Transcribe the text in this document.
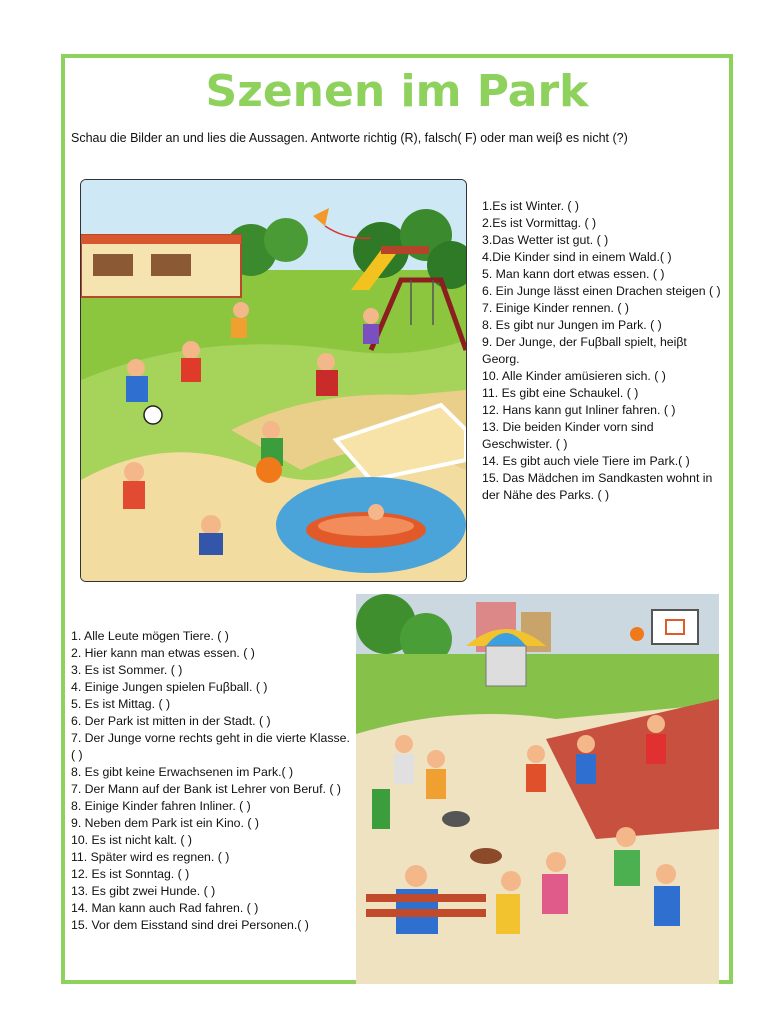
Szenen im Park
Schau die Bilder an und lies die Aussagen. Antworte richtig (R), falsch( F) oder man weiβ es nicht (?)
1.Es ist Winter. ( )
2.Es ist Vormittag. ( )
3.Das Wetter ist gut. ( )
4.Die Kinder sind in einem Wald.( )
5. Man kann dort etwas essen. ( )
6. Ein Junge lässt einen Drachen steigen ( )
7. Einige Kinder rennen. ( )
8. Es gibt nur Jungen im Park. ( )
9. Der Junge, der Fuβball spielt, heiβt Georg.
10. Alle Kinder amüsieren sich. ( )
11. Es gibt eine Schaukel. ( )
12. Hans kann gut Inliner fahren. ( )
13. Die beiden Kinder vorn sind Geschwister. ( )
14. Es gibt auch viele Tiere im Park.( )
15. Das Mädchen im Sandkasten wohnt in der Nähe des Parks. ( )
1. Alle Leute mögen Tiere. ( )
2. Hier kann man etwas essen. ( )
3. Es ist Sommer. ( )
4. Einige Jungen spielen Fuβball. ( )
5. Es ist Mittag. ( )
6. Der Park ist mitten in der Stadt. ( )
7. Der Junge vorne rechts geht in die vierte Klasse. ( )
8. Es gibt keine Erwachsenen im Park.( )
7. Der Mann auf der Bank ist Lehrer von Beruf. ( )
8. Einige Kinder fahren Inliner. ( )
9. Neben dem Park ist ein Kino. ( )
10. Es ist nicht kalt. ( )
11. Später wird es regnen. ( )
12. Es ist Sonntag. ( )
13. Es gibt zwei Hunde. ( )
14. Man kann auch Rad fahren. ( )
15. Vor dem Eisstand sind drei Personen.( )
